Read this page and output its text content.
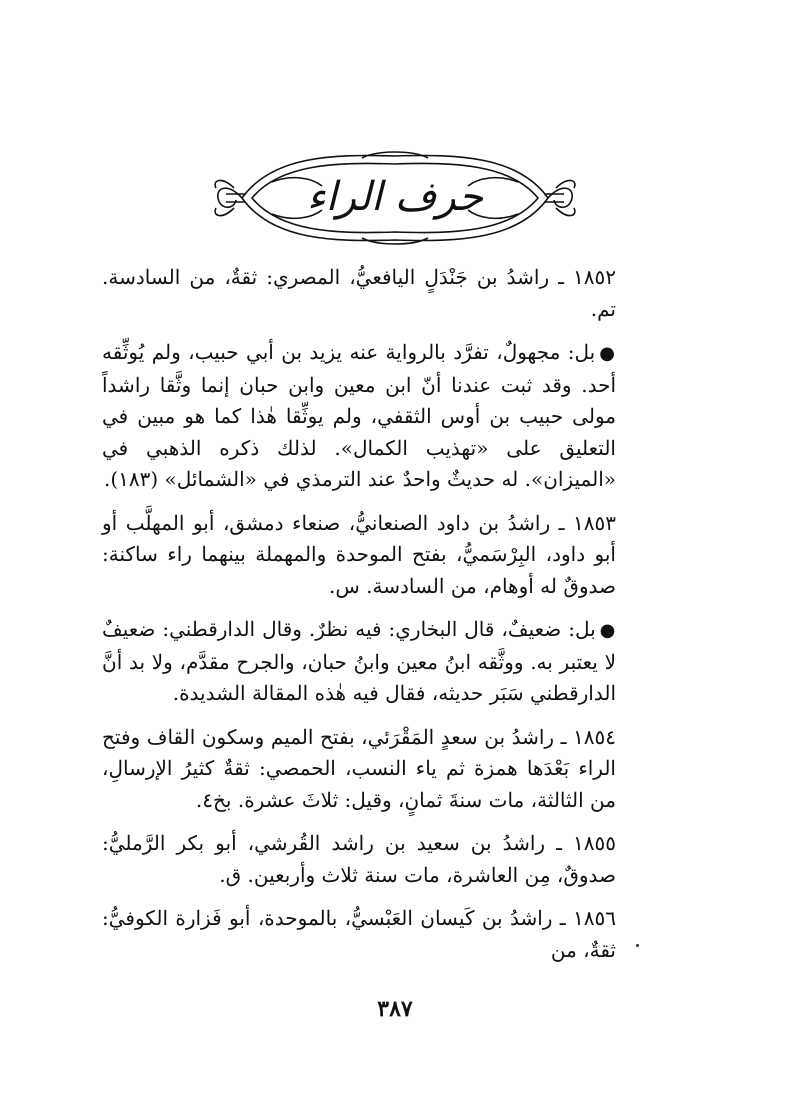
حرف الراء

١٨٥٢ ـ راشدُ بن جَنْدَلٍ اليافعيُّ، المصري: ثقةٌ، من السادسة. تم.

●بل: مجهولٌ، تفرَّد بالرواية عنه يزيد بن أبي حبيب، ولم يُوثِّقه أحد. وقد ثبت عندنا أنّ ابن معين وابن حبان إنما وثَّقا راشداً مولى حبيب بن أوس الثقفي، ولم يوثِّقا هٰذا كما هو مبين في التعليق على «تهذيب الكمال». لذلك ذكره الذهبي في «الميزان». له حديثٌ واحدٌ عند الترمذي في «الشمائل» (١٨٣).

١٨٥٣ ـ راشدُ بن داود الصنعانيُّ، صنعاء دمشق، أبو المهلَّب أو أبو داود، البِرْسَميُّ، بفتح الموحدة والمهملة بينهما راء ساكنة: صدوقٌ له أوهام، من السادسة. س.

●بل: ضعيفٌ، قال البخاري: فيه نظرٌ. وقال الدارقطني: ضعيفٌ لا يعتبر به. ووثَّقه ابنُ معين وابنُ حبان، والجرح مقدَّم، ولا بد أنَّ الدارقطني سَبَر حديثه، فقال فيه هٰذه المقالة الشديدة.

١٨٥٤ ـ راشدُ بن سعدٍ المَقْرَئي، بفتح الميم وسكون القاف وفتح الراء بَعْدَها همزة ثم ياء النسب، الحمصي: ثقةٌ كثيرُ الإرسالِ، من الثالثة، مات سنةَ ثمانٍ، وقيل: ثلاثَ عشرة. بخ٤.

١٨٥٥ ـ راشدُ بن سعيد بن راشد القُرشي، أبو بكر الرَّمليُّ: صدوقٌ، مِن العاشرة، مات سنة ثلاث وأربعين. ق.

١٨٥٦ ـ راشدُ بن كَيسان العَبْسيُّ، بالموحدة، أبو فَزارة الكوفيُّ: ثقةٌ، من

٣٨٧
